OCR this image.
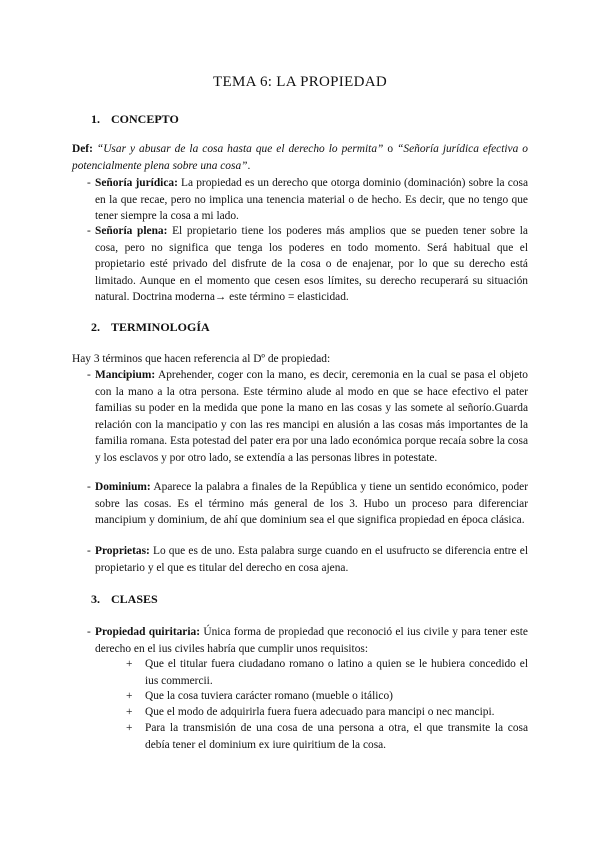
TEMA 6: LA PROPIEDAD
1. CONCEPTO
Def: “Usar y abusar de la cosa hasta que el derecho lo permita” o “Señoría jurídica efectiva o potencialmente plena sobre una cosa”.
- Señoría jurídica: La propiedad es un derecho que otorga dominio (dominación) sobre la cosa en la que recae, pero no implica una tenencia material o de hecho. Es decir, que no tengo que tener siempre la cosa a mi lado.
- Señoría plena: El propietario tiene los poderes más amplios que se pueden tener sobre la cosa, pero no significa que tenga los poderes en todo momento. Será habitual que el propietario esté privado del disfrute de la cosa o de enajenar, por lo que su derecho está limitado. Aunque en el momento que cesen esos límites, su derecho recuperará su situación natural. Doctrina moderna→ este término = elasticidad.
2. TERMINOLOGÍA
Hay 3 términos que hacen referencia al Dº de propiedad:
- Mancipium: Aprehender, coger con la mano, es decir, ceremonia en la cual se pasa el objeto con la mano a la otra persona. Este término alude al modo en que se hace efectivo el pater familias su poder en la medida que pone la mano en las cosas y las somete al señorío.Guarda relación con la mancipatio y con las res mancipi en alusión a las cosas más importantes de la familia romana. Esta potestad del pater era por una lado económica porque recaía sobre la cosa y los esclavos y por otro lado, se extendía a las personas libres in potestate.
- Dominium: Aparece la palabra a finales de la República y tiene un sentido económico, poder sobre las cosas. Es el término más general de los 3. Hubo un proceso para diferenciar mancipium y dominium, de ahí que dominium sea el que significa propiedad en época clásica.
- Proprietas: Lo que es de uno. Esta palabra surge cuando en el usufructo se diferencia entre el propietario y el que es titular del derecho en cosa ajena.
3. CLASES
- Propiedad quiritaria: Única forma de propiedad que reconoció el ius civile y para tener este derecho en el ius civiles habría que cumplir unos requisitos:
+ Que el titular fuera ciudadano romano o latino a quien se le hubiera concedido el ius commercii.
+ Que la cosa tuviera carácter romano (mueble o itálico)
+ Que el modo de adquirirla fuera fuera adecuado para mancipi o nec mancipi.
+ Para la transmisión de una cosa de una persona a otra, el que transmite la cosa debía tener el dominium ex iure quiritium de la cosa.
